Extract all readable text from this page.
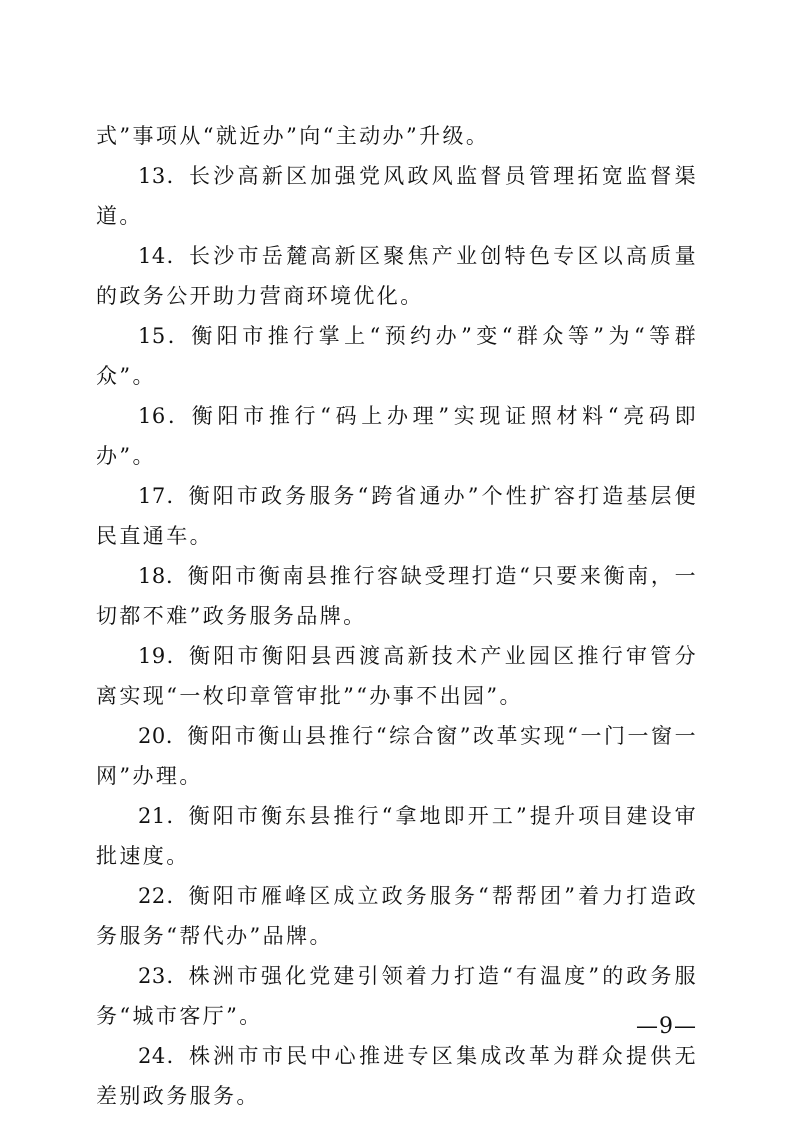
式”事项从“就近办”向“主动办”升级。

13．长沙高新区加强党风政风监督员管理拓宽监督渠道。

14．长沙市岳麓高新区聚焦产业创特色专区以高质量的政务公开助力营商环境优化。

15．衡阳市推行掌上“预约办”变“群众等”为“等群众”。

16．衡阳市推行“码上办理”实现证照材料“亮码即办”。

17．衡阳市政务服务“跨省通办”个性扩容打造基层便民直通车。

18．衡阳市衡南县推行容缺受理打造“只要来衡南，一切都不难”政务服务品牌。

19．衡阳市衡阳县西渡高新技术产业园区推行审管分离实现“一枚印章管审批”“办事不出园”。

20．衡阳市衡山县推行“综合窗”改革实现“一门一窗一网”办理。

21．衡阳市衡东县推行“拿地即开工”提升项目建设审批速度。

22．衡阳市雁峰区成立政务服务“帮帮团”着力打造政务服务“帮代办”品牌。

23．株洲市强化党建引领着力打造“有温度”的政务服务“城市客厅”。

24．株洲市市民中心推进专区集成改革为群众提供无差别政务服务。

—9—
